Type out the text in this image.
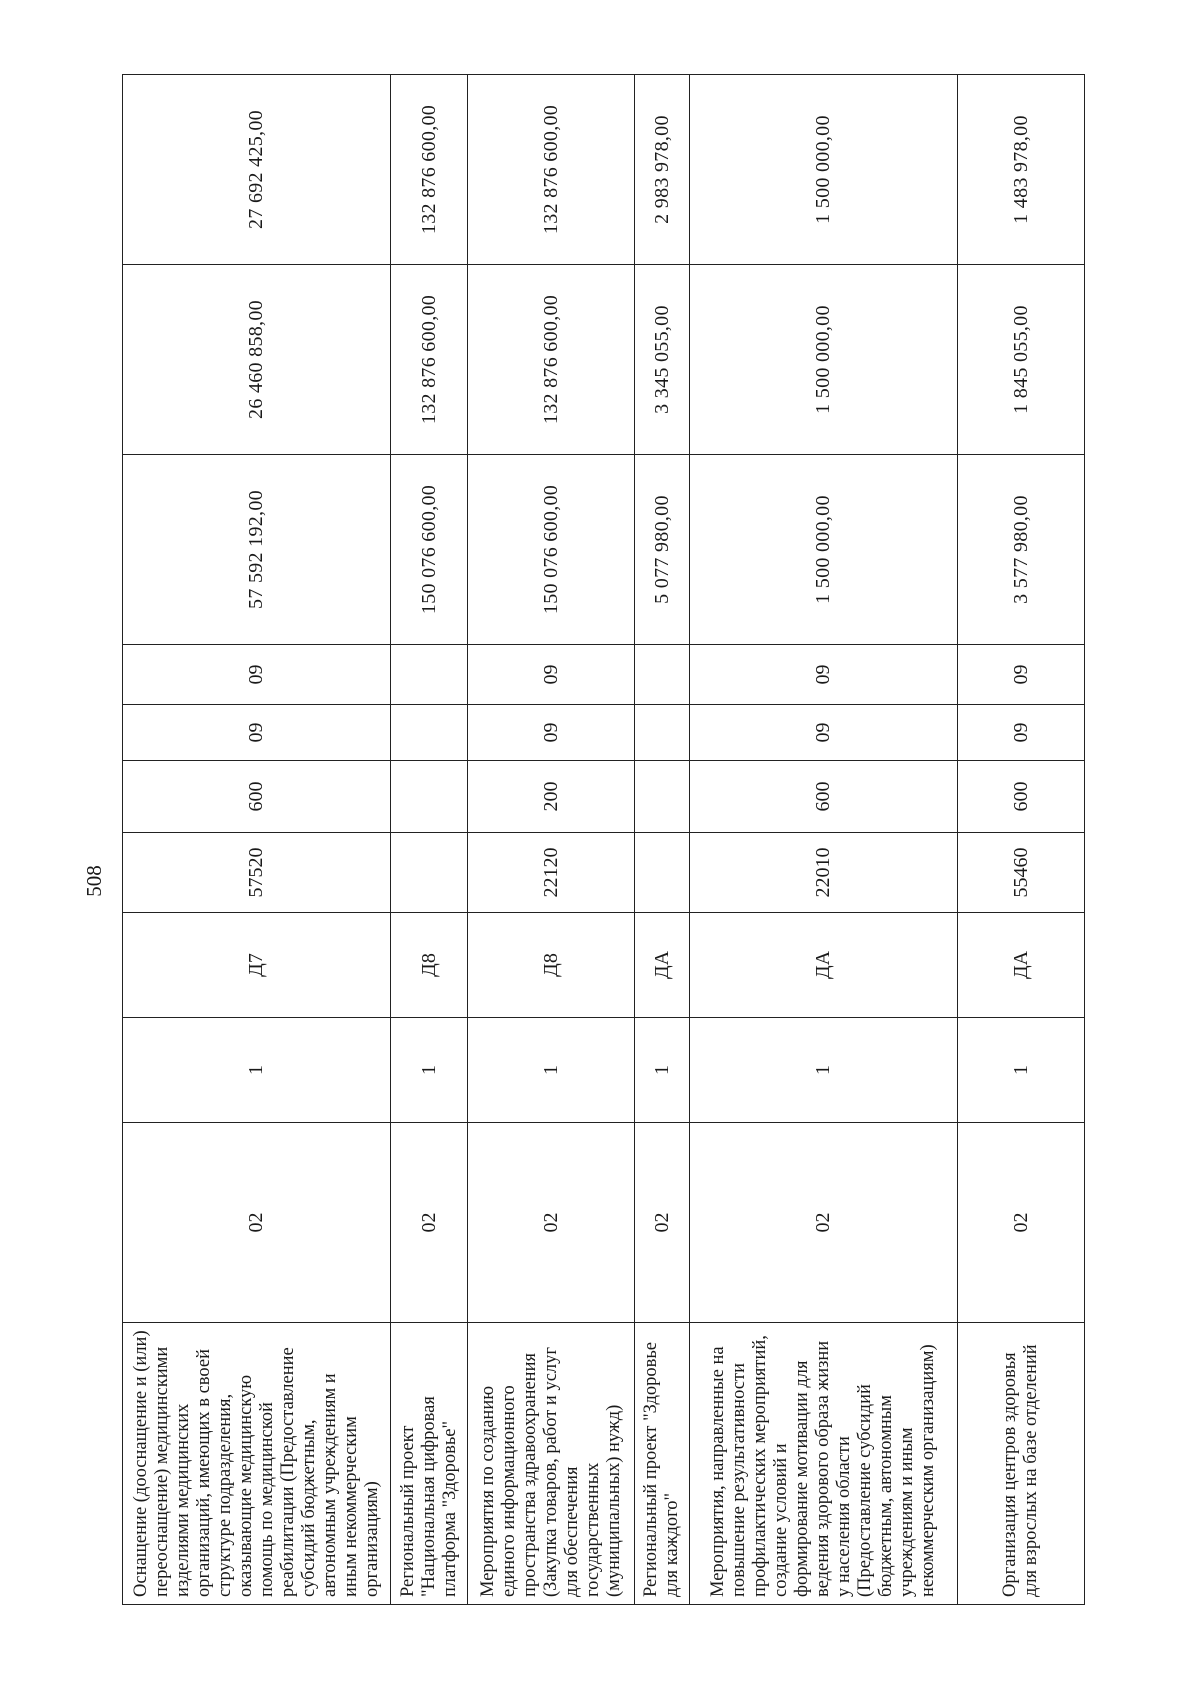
508
Оснащение (дооснащение и (или) переоснащение) медицинскими изделиями медицинских организаций, имеющих в своей структуре подразделения, оказывающие медицинскую помощь по медицинской реабилитации (Предоставление субсидий бюджетным, автономным учреждениям и иным некоммерческим организациям)	02	1	Д7	57520	600	09	09	57 592 192,00	26 460 858,00	27 692 425,00
Региональный проект "Национальная цифровая платформа "Здоровье"	02	1	Д8					150 076 600,00	132 876 600,00	132 876 600,00
Мероприятия по созданию единого информационного пространства здравоохранения (Закупка товаров, работ и услуг для обеспечения государственных (муниципальных) нужд)	02	1	Д8	22120	200	09	09	150 076 600,00	132 876 600,00	132 876 600,00
Региональный проект "Здоровье для каждого"	02	1	ДА					5 077 980,00	3 345 055,00	2 983 978,00
Мероприятия, направленные на повышение результативности профилактических мероприятий, создание условий и формирование мотивации для ведения здорового образа жизни у населения области (Предоставление субсидий бюджетным, автономным учреждениям и иным некоммерческим организациям)	02	1	ДА	22010	600	09	09	1 500 000,00	1 500 000,00	1 500 000,00
Организация центров здоровья для взрослых на базе отделений	02	1	ДА	55460	600	09	09	3 577 980,00	1 845 055,00	1 483 978,00
